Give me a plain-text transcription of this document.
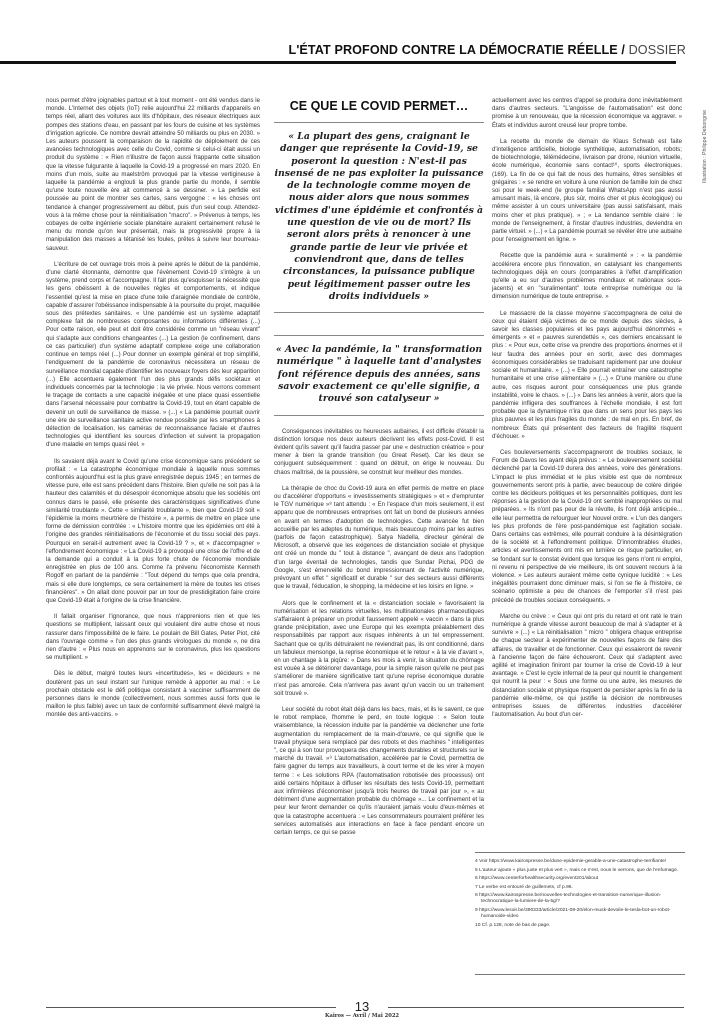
L'ÉTAT PROFOND CONTRE LA DÉMOCRATIE RÉELLE / DOSSIER
Illustration : Philippe Debongnie

nous permet d'être joignables partout et à tout moment - ont été vendus dans le monde. L'Internet des objets (IoT) relie aujourd'hui 22 milliards d'appareils en temps réel, allant des voitures aux lits d'hôpitaux, des réseaux électriques aux pompes des stations d'eau, en passant par les fours de cuisine et les systèmes d'irrigation agricole. Ce nombre devrait atteindre 50 milliards ou plus en 2030. » Les auteurs poussent la comparaison de la rapidité de déploiement de ces avancées technologiques avec celle du Covid, comme si celui-ci était aussi un produit du système : « Rien n'illustre de façon aussi frappante cette situation que la vitesse fulgurante à laquelle la Covid-19 a progressé en mars 2020. En moins d'un mois, suite au maelström provoqué par la vitesse vertigineuse à laquelle la pandémie a englouti la plus grande partie du monde, il semble qu'une toute nouvelle ère ait commencé à se dessiner. » La perfidie est poussée au point de montrer ses cartes, sans vergogne : « les choses ont tendance à changer progressivement au début, puis d'un seul coup. Attendez-vous à la même chose pour la réinitialisation "macro". » Prévenus à temps, les cobayes de cette ingénierie sociale planétaire auraient certainement refusé le menu du monde qu'on leur présentait, mais la progressivité propre à la manipulation des masses a tétanisé les foules, prêtes à suivre leur bourreau-sauveur.

L'écriture de cet ouvrage trois mois à peine après le début de la pandémie, d'une clarté étonnante, démontre que l'évènement Covid-19 s'intègre à un système, prend corps et l'accompagne. Il fait plus qu'esquisser la nécessité que les gens obéissent à de nouvelles règles et comportements, et indique l'essentiel qu'est la mise en place d'une toile d'araignée mondiale de contrôle, capable d'assurer l'obéissance indispensable à la poursuite du projet, maquillée sous des prétextes sanitaires. « Une pandémie est un système adaptatif complexe fait de nombreuses composantes ou informations différentes (...) Pour cette raison, elle peut et doit être considérée comme un "réseau vivant" qui s'adapte aux conditions changeantes (...) La gestion (le confinement, dans ce cas particulier) d'un système adaptatif complexe exige une collaboration continue en temps réel (...) Pour donner un exemple général et trop simplifié, l'endiguement de la pandémie de coronavirus nécessitera un réseau de surveillance mondial capable d'identifier les nouveaux foyers dès leur apparition (...) Elle accentuera également l'un des plus grands défis sociétaux et individuels concernés par la technologie : la vie privée. Nous verrons comment le traçage de contacts a une capacité inégalée et une place quasi essentielle dans l'arsenal nécessaire pour combattre la Covid-19, tout en étant capable de devenir un outil de surveillance de masse. » (...) « La pandémie pourrait ouvrir une ère de surveillance sanitaire active rendue possible par les smartphones à détection de localisation, les caméras de reconnaissance faciale et d'autres technologies qui identifient les sources d'infection et suivent la propagation d'une maladie en temps quasi réel. »

Ils savaient déjà avant le Covid qu'une crise économique sans précédent se profilait : « La catastrophe économique mondiale à laquelle nous sommes confrontés aujourd'hui est la plus grave enregistrée depuis 1945 ; en termes de vitesse pure, elle est sans précédent dans l'histoire. Bien qu'elle ne soit pas à la hauteur des calamités et du désespoir économique absolu que les sociétés ont connus dans le passé, elle présente des caractéristiques significatives d'une similarité troublante ». Cette « similarité troublante », bien que Covid-19 soit « l'épidémie la moins meurtrière de l'histoire », a permis de mettre en place une forme de démission contrôlée : « L'histoire montre que les épidémies ont été à l'origine des grandes réinitialisations de l'économie et du tissu social des pays. Pourquoi en serait-il autrement avec la Covid-19 ? », et « d'accompagner » l'effondrement économique : « La Covid-19 a provoqué une crise de l'offre et de la demande qui a conduit à la plus forte chute de l'économie mondiale enregistrée en plus de 100 ans. Comme l'a prévenu l'économiste Kenneth Rogoff en parlant de la pandémie : "Tout dépend du temps que cela prendra, mais si elle dure longtemps, ce sera certainement la mère de toutes les crises financières". » On allait donc pouvoir par un tour de prestidigitation faire croire que Covid-19 était à l'origine de la crise financière.

Il fallait organiser l'ignorance, que nous n'apprenions rien et que les questions se multiplient, laissant ceux qui voulaient dire autre chose et nous rassurer dans l'impossibilité de le faire. Le poulain de Bill Gates, Peter Piot, cité dans l'ouvrage comme « l'un des plus grands virologues du monde », ne dira rien d'autre : « Plus nous en apprenons sur le coronavirus, plus les questions se multiplient. »

Dès le début, malgré toutes leurs «incertitudes», les « décideurs » ne doutèrent pas un seul instant sur l'unique remède à apporter au mal : « Le prochain obstacle est le défi politique consistant à vacciner suffisamment de personnes dans le monde (collectivement, nous sommes aussi forts que le maillon le plus faible) avec un taux de conformité suffisamment élevé malgré la montée des anti-vaccins. »

CE QUE LE COVID PERMET…
« La plupart des gens, craignant le danger que représente la Covid-19, se poseront la question : N'est-il pas insensé de ne pas exploiter la puissance de la technologie comme moyen de nous aider alors que nous sommes victimes d'une épidémie et confrontés à une question de vie ou de mort? Ils seront alors prêts à renoncer à une grande partie de leur vie privée et conviendront que, dans de telles circonstances, la puissance publique peut légitimement passer outre les droits individuels »
« Avec la pandémie, la " transformation numérique " à laquelle tant d'analystes font référence depuis des années, sans savoir exactement ce qu'elle signifie, a trouvé son catalyseur »

Conséquences inévitables ou heureuses aubaines, il est difficile d'établir la distinction lorsque nos deux auteurs décrivent les effets post-Covid. Il est évident qu'ils savent qu'il faudra passer par une « destruction créatrice » pour mener à bien la grande transition (ou Great Reset). Car les deux se conjuguent subséquemment : quand on détruit, on érige le nouveau. Du chaos maîtrisé, de la poussière, se construit leur meilleur des mondes.

La thérapie de choc du Covid-19 aura en effet permis de mettre en place ou d'accélérer d'opportuns « investissements stratégiques » et « d'emprunter le TGV numérique »⁸ tant attendu : « En l'espace d'un mois seulement, il est apparu que de nombreuses entreprises ont fait un bond de plusieurs années en avant en termes d'adoption de technologies. Cette avancée fut bien accueillie par les adeptes du numérique, mais beaucoup moins par les autres (parfois de façon catastrophique). Satya Nadella, directeur général de Microsoft, a observé que les exigences de distanciation sociale et physique ont créé un monde du " tout à distance ", avançant de deux ans l'adoption d'un large éventail de technologies, tandis que Sundar Pichai, PDG de Google, s'est émerveillé du bond impressionnant de l'activité numérique, prévoyant un effet " significatif et durable " sur des secteurs aussi différents que le travail, l'éducation, le shopping, la médecine et les loisirs en ligne. »

Alors que le confinement et la « distanciation sociale » favorisaient la numérisation et les relations virtuelles, les multinationales pharmaceutiques s'affairaient à préparer un produit faussement appelé « vaccin » dans la plus grande précipitation, avec une Europe qui les exempta préalablement des responsabilités par rapport aux risques inhérents à un tel empressement. Sachant que ce qu'ils détruiraient ne reviendrait pas, ils ont conditionné, dans un fabuleux mensonge, la reprise économique et le retour « à la vie d'avant », en un chantage à la piqûre: « Dans les mois à venir, la situation du chômage est vouée à se détériorer davantage, pour la simple raison qu'elle ne peut pas s'améliorer de manière significative tant qu'une reprise économique durable n'est pas amorcée. Cela n'arrivera pas avant qu'un vaccin ou un traitement soit trouvé ».

Leur société du robot était déjà dans les bacs, mais, et ils le savent, ce que le robot remplace, l'homme le perd, en toute logique : « Selon toute vraisemblance, la récession induite par la pandémie va déclencher une forte augmentation du remplacement de la main-d'œuvre, ce qui signifie que le travail physique sera remplacé par des robots et des machines " intelligentes ", ce qui à son tour provoquera des changements durables et structurels sur le marché du travail. »⁹ L'automatisation, accélérée par le Covid, permettra de faire gagner du temps aux travailleurs, à court terme et de les virer à moyen terme : « Les solutions RPA (l'automatisation robotisée des processus) ont aidé certains hôpitaux à diffuser les résultats des tests Covid-19, permettant aux infirmières d'économiser jusqu'à trois heures de travail par jour », « au détriment d'une augmentation probable du chômage »... Le confinement et la peur leur feront demander ce qu'ils n'auraient jamais voulu d'eux-mêmes et que la catastrophe accentuera : « Les consommateurs pourraient préférer les services automatisés aux interactions en face à face pendant encore un certain temps, ce qui se passe

actuellement avec les centres d'appel se produira donc inévitablement dans d'autres secteurs. "L'angoisse de l'automatisation" est donc promise à un renouveau, que la récession économique va aggraver. » États et individus auront creusé leur propre tombe.

La recette du monde de demain de Klaus Schwab est faite d'intelligence artificielle, biologie synthétique, automatisation, robots; de biotechnologie, télémédecine, livraison par drone, réunion virtuelle, école numérique, économie sans contact¹⁰, sports électroniques. (169). La fin de ce qui fait de nous des humains, êtres sensibles et grégaires : « se rendre en voiture à une réunion de famille loin de chez soi pour le week-end (le groupe familial WhatsApp n'est pas aussi amusant mais, là encore, plus sûr, moins cher et plus écologique) ou même assister à un cours universitaire (pas aussi satisfaisant, mais moins cher et plus pratique). » ; « La tendance semble claire : le monde de l'enseignement, à l'instar d'autres industries, deviendra en partie virtuel. » (...) « La pandémie pourrait se révéler être une aubaine pour l'enseignement en ligne. »

Recette que la pandémie aura « suralimenté » : « la pandémie accélérera encore plus l'innovation, en catalysant les changements technologiques déjà en cours (comparables à l'effet d'amplification qu'elle a eu sur d'autres problèmes mondiaux et nationaux sous-jacents) et en "suralimentant" toute entreprise numérique ou la dimension numérique de toute entreprise. »

Le massacre de la classe moyenne s'accompagnera de celui de ceux qui étaient déjà victimes de ce monde depuis des siècles, à savoir les classes populaires et les pays aujourd'hui dénommés « émergents » et « pauvres surendettés », ces derniers encaissant le plus : « Pour eux, cette crise va prendre des proportions énormes et il leur faudra des années pour en sortir, avec des dommages économiques considérables se traduisant rapidement par une douleur sociale et humanitaire. » (...) « Elle pourrait entraîner une catastrophe humanitaire et une crise alimentaire » (...) « D'une manière ou d'une autre, ces risques auront pour conséquences une plus grande instabilité, voire le chaos. » (...) « Dans les années à venir, alors que la pandémie infligera des souffrances à l'échelle mondiale, il est fort probable que la dynamique n'ira que dans un sens pour les pays les plus pauvres et les plus fragiles du monde : de mal en pis. En bref, de nombreux États qui présentent des facteurs de fragilité risquent d'échouer. »

Ces bouleversements s'accompagneront de troubles sociaux, le Forum de Davos les ayant déjà prévus : « Le bouleversement sociétal déclenché par la Covid-19 durera des années, voire des générations. L'impact le plus immédiat et le plus visible est que de nombreux gouvernements seront pris à partie, avec beaucoup de colère dirigée contre les décideurs politiques et les personnalités politiques, dont les réponses à la gestion de la Covid-19 ont semblé inappropriées ou mal préparées. » Ils n'ont pas peur de la révolte, ils l'ont déjà anticipée... elle leur permettra de refourguer leur Nouvel ordre. « L'un des dangers les plus profonds de l'ère post-pandémique est l'agitation sociale. Dans certains cas extrêmes, elle pourrait conduire à la désintégration de la société et à l'effondrement politique. D'innombrables études, articles et avertissements ont mis en lumière ce risque particulier, en se fondant sur le constat évident que lorsque les gens n'ont ni emploi, ni revenu ni perspective de vie meilleure, ils ont souvent recours à la violence. » Les auteurs auraient même cette cynique lucidité : « Les inégalités pourraient donc diminuer mais, si l'on se fie à l'histoire, ce scénario optimiste a peu de chances de l'emporter s'il n'est pas précédé de troubles sociaux conséquents. »

Marche ou crève : « Ceux qui ont pris du retard et ont raté le train numérique à grande vitesse auront beaucoup de mal à s'adapter et à survivre » (...) « La réinitialisation " micro " obligera chaque entreprise de chaque secteur à expérimenter de nouvelles façons de faire des affaires, de travailler et de fonctionner. Ceux qui essaieront de revenir à l'ancienne façon de faire échoueront. Ceux qui s'adaptent avec agilité et imagination finiront par tourner la crise de Covid-19 à leur avantage. » C'est le cycle infernal de la peur qui nourrit le changement qui nourrit la peur : « Sous une forme ou une autre, les mesures de distanciation sociale et physique risquent de persister après la fin de la pandémie elle-même, ce qui justifie la décision de nombreuses entreprises issues de différentes industries d'accélérer l'automatisation. Au bout d'un cer-

4 Voir https://www.kairospresse.be/dune-epidemie-gerable-a-une-catastrophe-terrifiante/
5 L'auteur ajoute « plus juste et plus vert », mais ce n'est, nous le verrons, que de l'enfumage.
6 https://www.centerforhealthsecurity.org/event201/about
7 Le verbe est entouré de guillemets, cf p.96.
8 https://www.kairospresse.be/nouvelles-technologies-et-transition-numerique-illusion-technocratique-la-lumiere-de-la-5g/?
9 https://www.lesoir.be/390333/article/2021-08-20/elon-musk-devoile-le-tesla-bot-un-robot-humanoide-video
10 Cf. p.128, note de bas de page.
13
Kairos — Avril / Mai 2022
